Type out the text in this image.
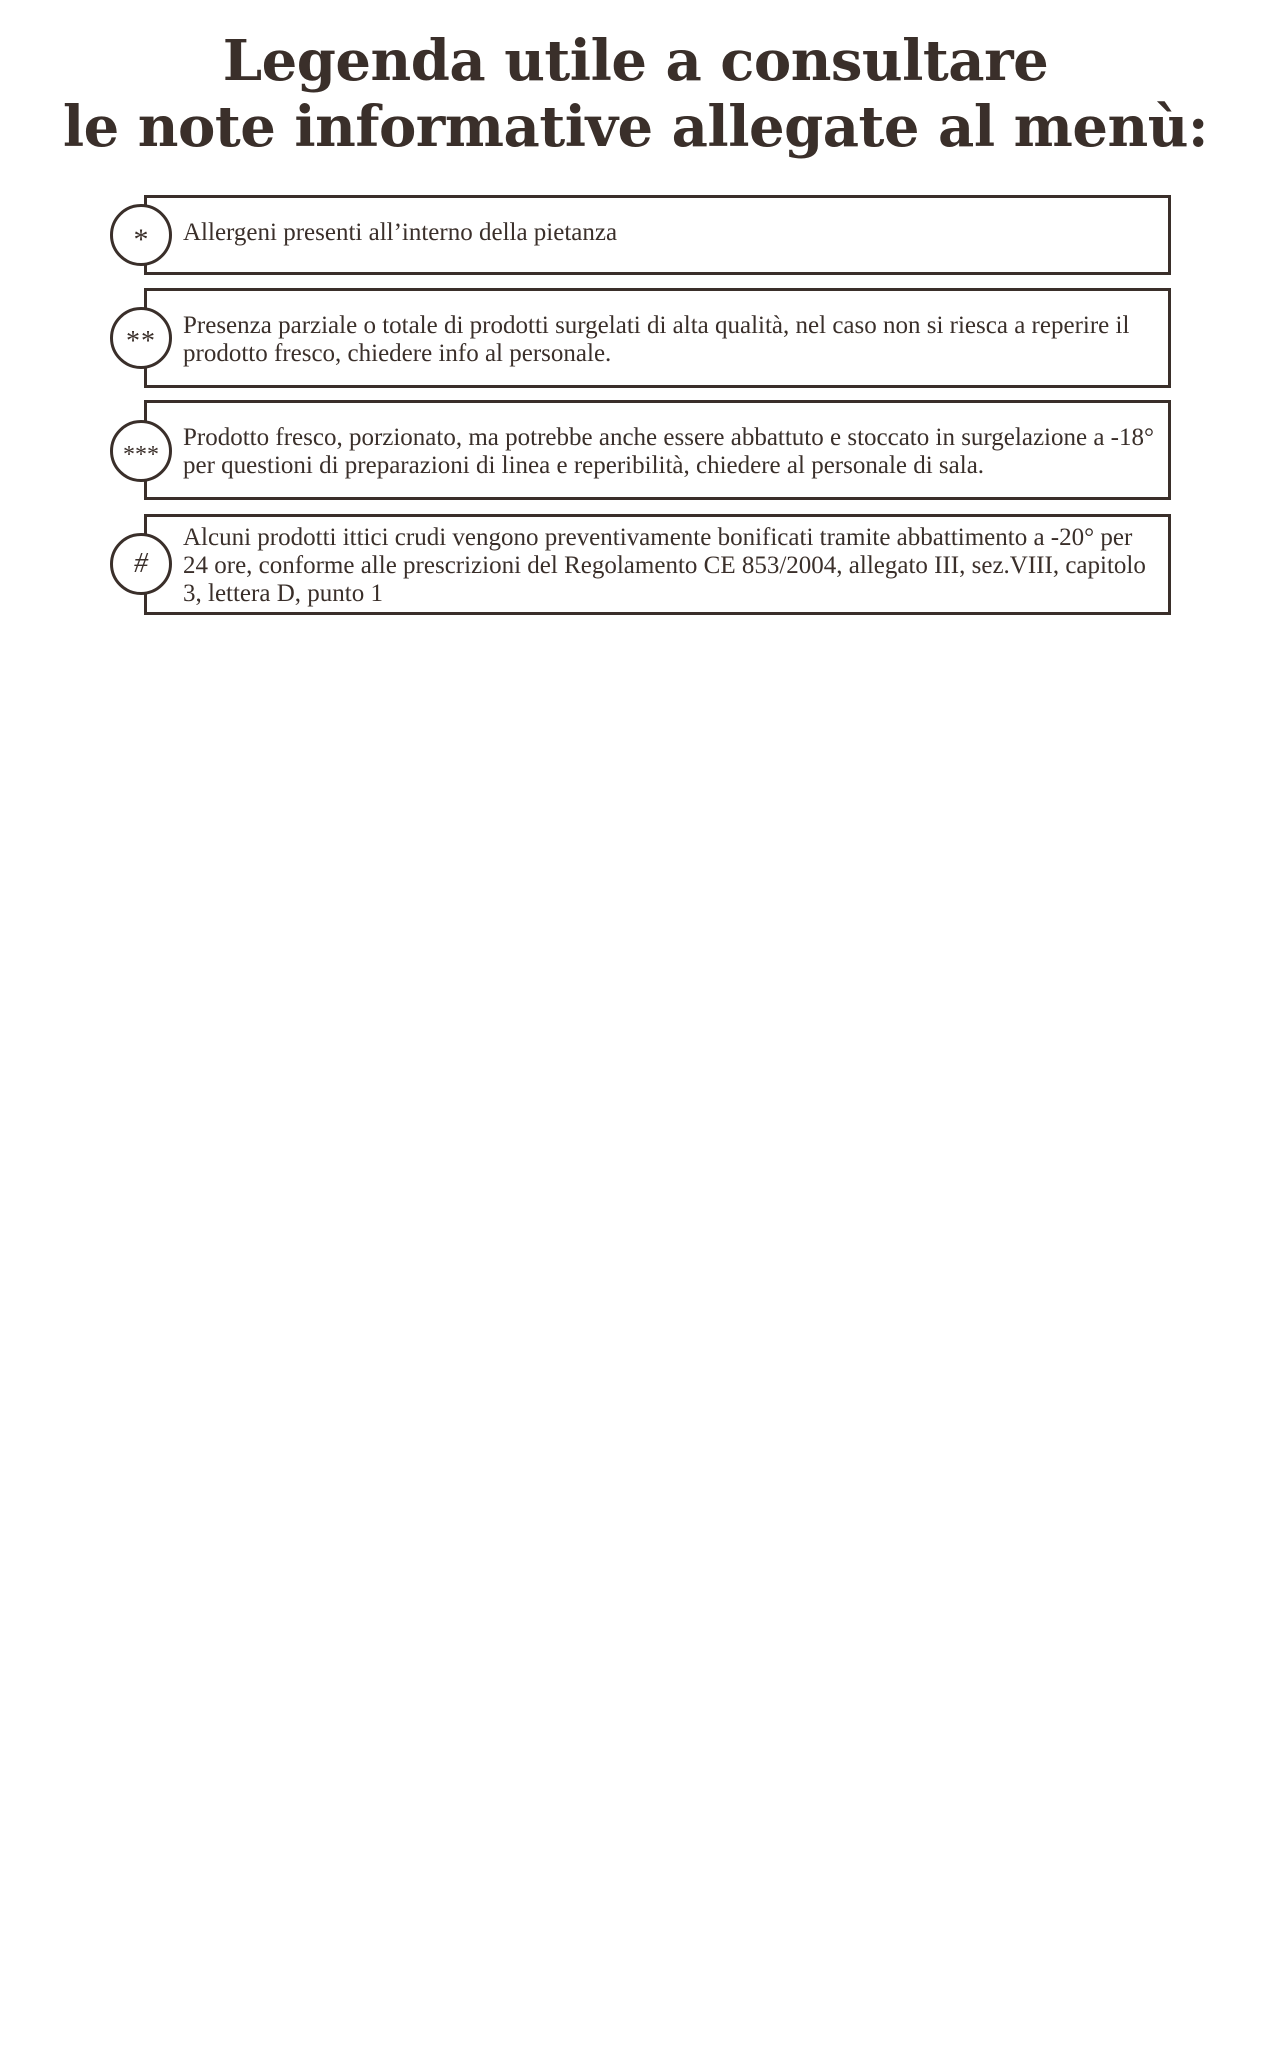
Legenda utile a consultare
le note informative allegate al menù:

Allergeni presenti all’interno della pietanza

*

Presenza parziale o totale di prodotti surgelati di alta qualità, nel caso non si riesca a reperire il prodotto fresco, chiedere info al personale.

**

Prodotto fresco, porzionato, ma potrebbe anche essere abbattuto e stoccato in surgelazione a -18° per questioni di preparazioni di linea e reperibilità, chiedere al personale di sala.

***

Alcuni prodotti ittici crudi vengono preventivamente bonificati tramite abbattimento a -20° per 24 ore, conforme alle prescrizioni del Regolamento CE 853/2004, allegato III, sez.VIII, capitolo 3, lettera D, punto 1

#
